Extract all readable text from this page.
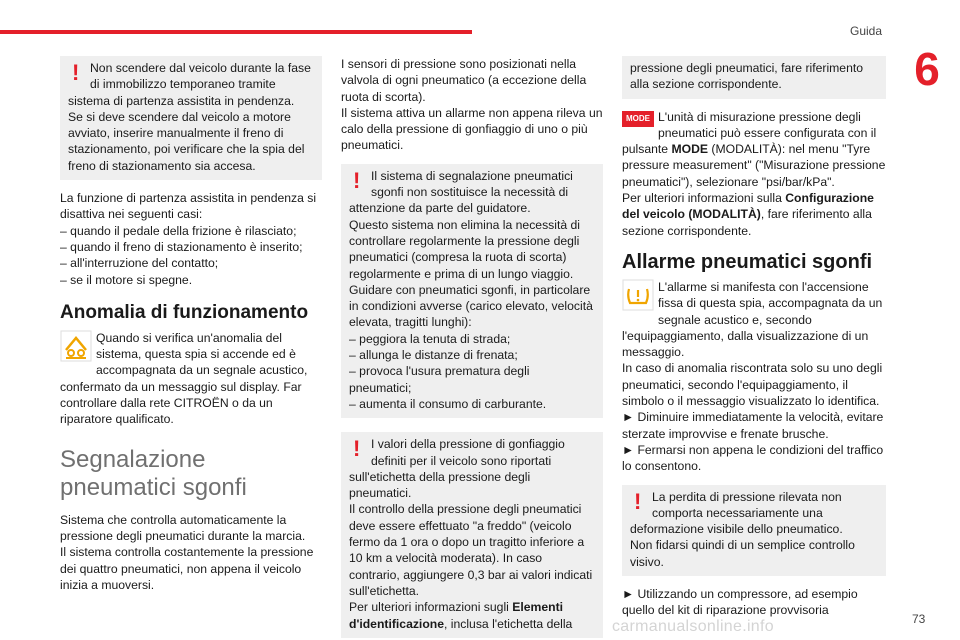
Guida
6
! Non scendere dal veicolo durante la fase

di immobilizzo temporaneo tramite

sistema di partenza assistita in pendenza.
Se si deve scendere dal veicolo a motore avviato, inserire manualmente il freno di stazionamento, poi verificare che la spia del freno di stazionamento sia accesa.

La funzione di partenza assistita in pendenza si disattiva nei seguenti casi:

– quando il pedale della frizione è rilasciato;

– quando il freno di stazionamento è inserito;

– all'interruzione del contatto;

– se il motore si spegne.

Anomalia di funzionamento

Quando si verifica un'anomalia del sistema, questa spia si accende ed è accompagnata da un segnale acustico, confermato da un messaggio sul display. Far controllare dalla rete CITROËN o da un riparatore qualificato.

Segnalazione pneumatici sgonfi

Sistema che controlla automaticamente la pressione degli pneumatici durante la marcia.
Il sistema controlla costantemente la pressione dei quattro pneumatici, non appena il veicolo inizia a muoversi.

I sensori di pressione sono posizionati nella valvola di ogni pneumatico (a eccezione della ruota di scorta).
Il sistema attiva un allarme non appena rileva un calo della pressione di gonfiaggio di uno o più pneumatici.

! Il sistema di segnalazione pneumatici

sgonfi non sostituisce la necessità di

attenzione da parte del guidatore.
Questo sistema non elimina la necessità di controllare regolarmente la pressione degli pneumatici (compresa la ruota di scorta) regolarmente e prima di un lungo viaggio.
Guidare con pneumatici sgonfi, in particolare in condizioni avverse (carico elevato, velocità elevata, tragitti lunghi):

– peggiora la tenuta di strada;

– allunga le distanze di frenata;

– provoca l'usura prematura degli pneumatici;

– aumenta il consumo di carburante.

! I valori della pressione di gonfiaggio

definiti per il veicolo sono riportati

sull'etichetta della pressione degli pneumatici.
Il controllo della pressione degli pneumatici deve essere effettuato "a freddo" (veicolo fermo da 1 ora o dopo un tragitto inferiore a 10 km a velocità moderata). In caso contrario, aggiungere 0,3 bar ai valori indicati sull'etichetta.

Per ulteriori informazioni sugli Elementi d'identificazione, inclusa l'etichetta della

pressione degli pneumatici, fare riferimento alla sezione corrispondente.

MODE L'unità di misurazione pressione degli

pneumatici può essere configurata con il

pulsante MODE (MODALITÀ): nel menu "Tyre pressure measurement" ("Misurazione pressione pneumatici"), selezionare "psi/bar/kPa".

Per ulteriori informazioni sulla Configurazione del veicolo (MODALITÀ), fare riferimento alla sezione corrispondente.

Allarme pneumatici sgonfi

L'allarme si manifesta con l'accensione

fissa di questa spia, accompagnata da un

segnale acustico e, secondo l'equipaggiamento, dalla visualizzazione di un messaggio.
In caso di anomalia riscontrata solo su uno degli pneumatici, secondo l'equipaggiamento, il simbolo o il messaggio visualizzato lo identifica.

► Diminuire immediatamente la velocità, evitare sterzate improvvise e frenate brusche.

► Fermarsi non appena le condizioni del traffico lo consentono.

! La perdita di pressione rilevata non

comporta necessariamente una

deformazione visibile dello pneumatico.
Non fidarsi quindi di un semplice controllo visivo.

► Utilizzando un compressore, ad esempio quello del kit di riparazione provvisoria

carmanualsonline.info	73
